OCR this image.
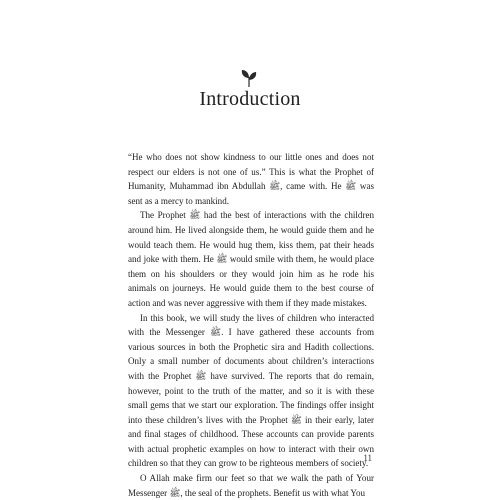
Introduction

“He who does not show kindness to our little ones and does not respect our elders is not one of us.” This is what the Prophet of Humanity, Muhammad ibn Abdullah ﷺ, came with. He ﷺ was sent as a mercy to mankind.

The Prophet ﷺ had the best of interactions with the children around him. He lived alongside them, he would guide them and he would teach them. He would hug them, kiss them, pat their heads and joke with them. He ﷺ would smile with them, he would place them on his shoulders or they would join him as he rode his animals on journeys. He would guide them to the best course of action and was never aggressive with them if they made mistakes.

In this book, we will study the lives of children who interacted with the Messenger ﷺ. I have gathered these accounts from various sources in both the Prophetic sira and Hadith collections. Only a small number of documents about children’s interactions with the Prophet ﷺ have survived. The reports that do remain, however, point to the truth of the matter, and so it is with these small gems that we start our exploration. The findings offer insight into these children’s lives with the Prophet ﷺ in their early, later and final stages of childhood. These accounts can provide parents with actual prophetic examples on how to interact with their own children so that they can grow to be righteous members of society.

O Allah make firm our feet so that we walk the path of Your Messenger ﷺ, the seal of the prophets. Benefit us with what You

11
